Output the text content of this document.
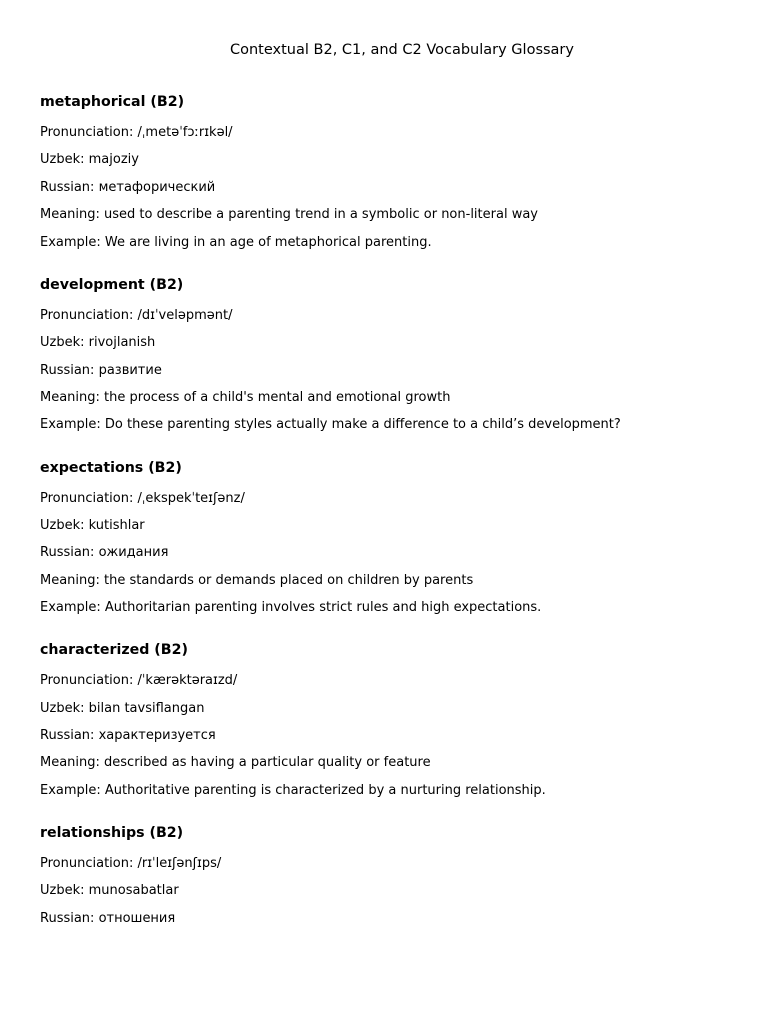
Contextual B2, C1, and C2 Vocabulary Glossary
metaphorical (B2)
Pronunciation: /ˌmetəˈfɔːrɪkəl/
Uzbek: majoziy
Russian: метафорический
Meaning: used to describe a parenting trend in a symbolic or non-literal way
Example: We are living in an age of metaphorical parenting.
development (B2)
Pronunciation: /dɪˈveləpmənt/
Uzbek: rivojlanish
Russian: развитие
Meaning: the process of a child's mental and emotional growth
Example: Do these parenting styles actually make a difference to a child’s development?
expectations (B2)
Pronunciation: /ˌekspekˈteɪʃənz/
Uzbek: kutishlar
Russian: ожидания
Meaning: the standards or demands placed on children by parents
Example: Authoritarian parenting involves strict rules and high expectations.
characterized (B2)
Pronunciation: /ˈkærəktəraɪzd/
Uzbek: bilan tavsiflangan
Russian: характеризуется
Meaning: described as having a particular quality or feature
Example: Authoritative parenting is characterized by a nurturing relationship.
relationships (B2)
Pronunciation: /rɪˈleɪʃənʃɪps/
Uzbek: munosabatlar
Russian: отношения
